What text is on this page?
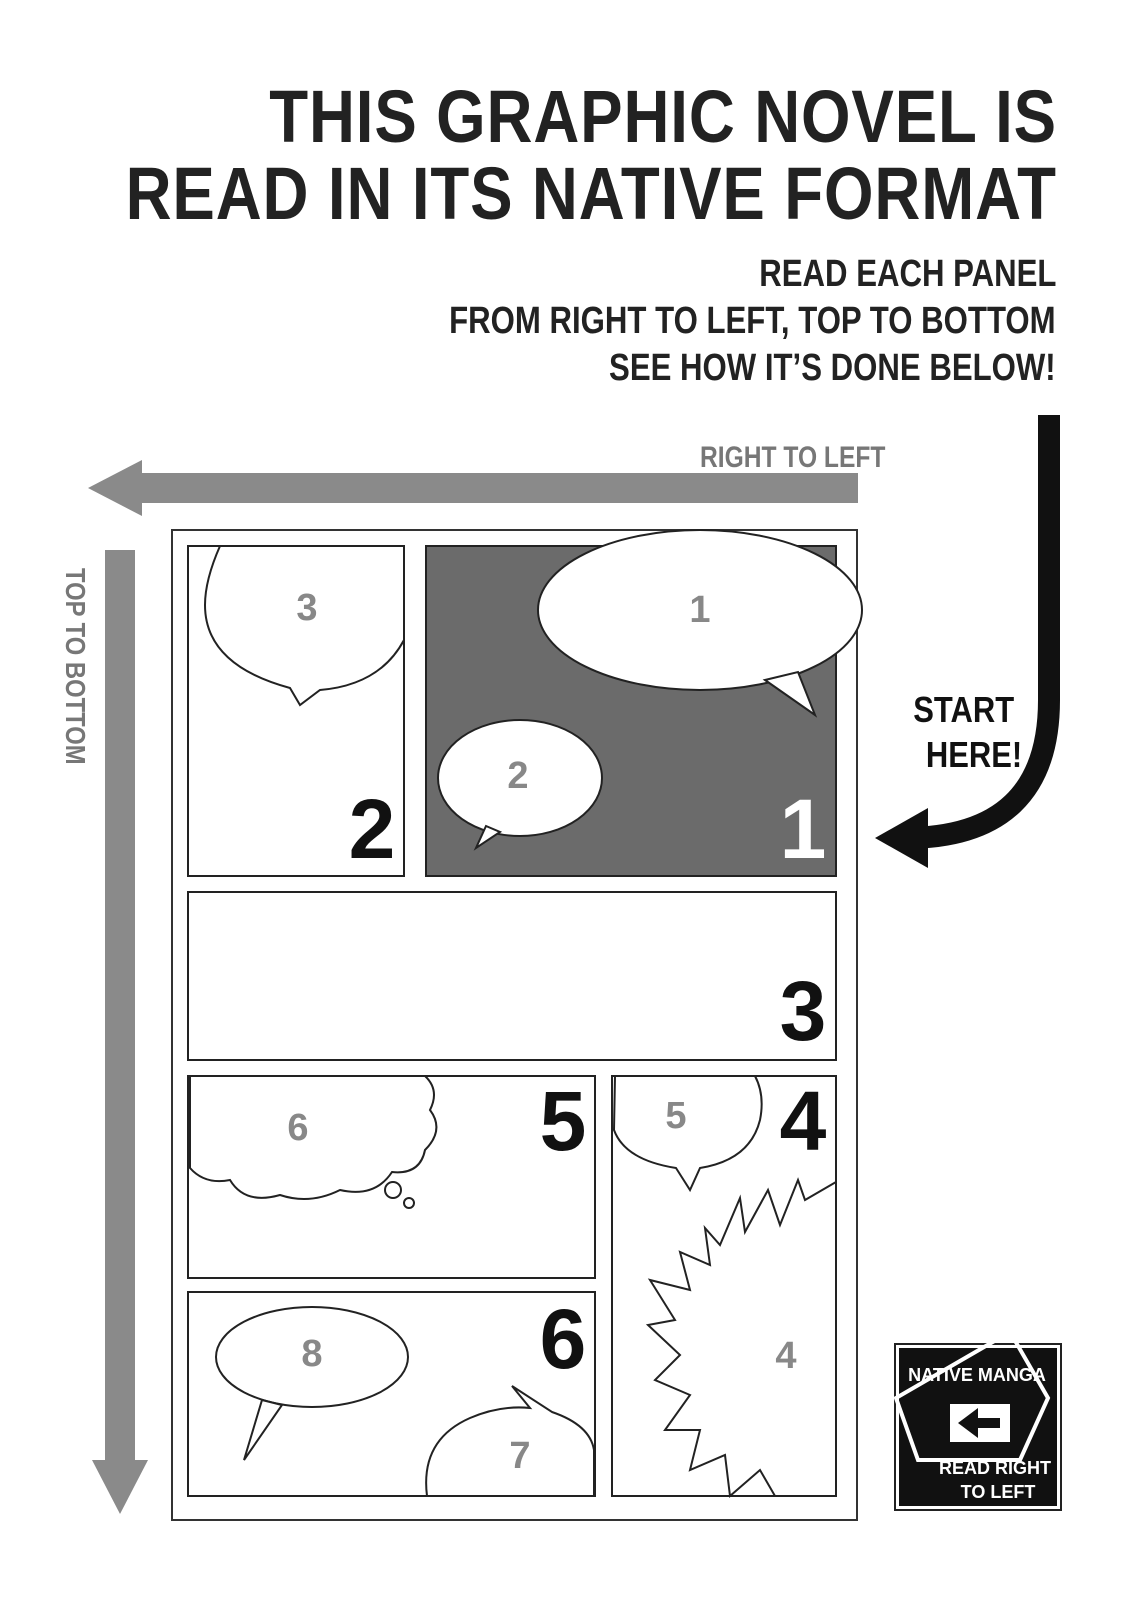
THIS GRAPHIC NOVEL IS
READ IN ITS NATIVE FORMAT
READ EACH PANEL
FROM RIGHT TO LEFT, TOP TO BOTTOM
SEE HOW IT’S DONE BELOW!
1
2
1
3
2
3
6	5 5
4
4
8
7
6	NATIVE MANGA
READ RIGHT
TO LEFT
RIGHT TO LEFT
TOP TO BOTTOM	START
HERE!
